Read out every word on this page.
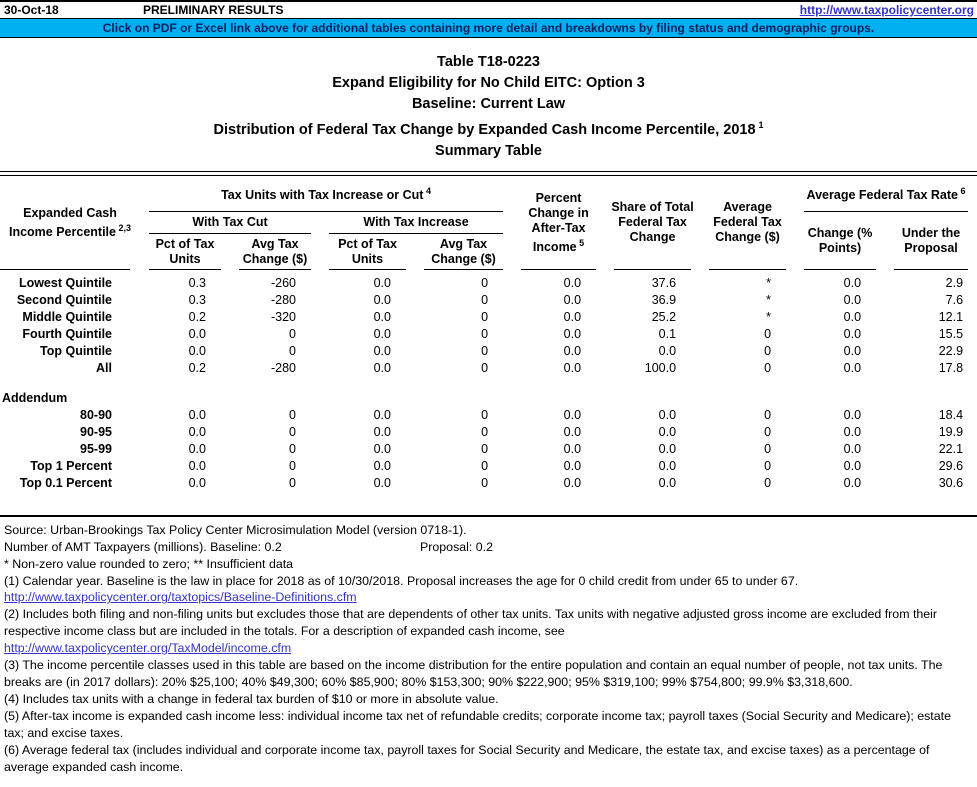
30-Oct-18	PRELIMINARY RESULTS	http://www.taxpolicycenter.org
Click on PDF or Excel link above for additional tables containing more detail and breakdowns by filing status and demographic groups.
Table T18-0223
Expand Eligibility for No Child EITC: Option 3
Baseline: Current Law
Distribution of Federal Tax Change by Expanded Cash Income Percentile, 2018  $^1$
Summary Table
Expanded Cash Income Percentile  $^{2,3}$	Tax Units with Tax Increase or Cut  $^4$				Percent Change in After-Tax Income  $^5$	Share of Total Federal Tax Change	Average Federal Tax Change ($)	Average Federal Tax Rate  $^6$
	With Tax Cut		With Tax Increase					Change (% Points)	Under the Proposal
	Pct of Tax Units	Avg Tax Change ($)	Pct of Tax Units	Avg Tax Change ($)					
Lowest Quintile	0.3	-260	0.0	0	0.0	37.6	*	0.0	2.9
Second Quintile	0.3	-280	0.0	0	0.0	36.9	*	0.0	7.6
Middle Quintile	0.2	-320	0.0	0	0.0	25.2	*	0.0	12.1
Fourth Quintile	0.0	0	0.0	0	0.0	0.1	0	0.0	15.5
Top Quintile	0.0	0	0.0	0	0.0	0.0	0	0.0	22.9
All	0.2	-280	0.0	0	0.0	100.0	0	0.0	17.8

Addendum									
80-90	0.0	0	0.0	0	0.0	0.0	0	0.0	18.4
90-95	0.0	0	0.0	0	0.0	0.0	0	0.0	19.9
95-99	0.0	0	0.0	0	0.0	0.0	0	0.0	22.1
Top 1 Percent	0.0	0	0.0	0	0.0	0.0	0	0.0	29.6
Top 0.1 Percent	0.0	0	0.0	0	0.0	0.0	0	0.0	30.6
Source: Urban-Brookings Tax Policy Center Microsimulation Model (version 0718-1).
Number of AMT Taxpayers (millions). Baseline: 0.2	Proposal: 0.2
* Non-zero value rounded to zero; ** Insufficient data
(1) Calendar year. Baseline is the law in place for 2018 as of 10/30/2018. Proposal increases the age for 0 child credit from under 65 to under 67.
http://www.taxpolicycenter.org/taxtopics/Baseline-Definitions.cfm
(2) Includes both filing and non-filing units but excludes those that are dependents of other tax units. Tax units with negative adjusted gross income are excluded from their respective income class but are included in the totals. For a description of expanded cash income, see
http://www.taxpolicycenter.org/TaxModel/income.cfm
(3) The income percentile classes used in this table are based on the income distribution for the entire population and contain an equal number of people, not tax units. The breaks are (in 2017 dollars): 20% $25,100; 40% $49,300; 60% $85,900; 80% $153,300; 90% $222,900; 95% $319,100; 99% $754,800; 99.9% $3,318,600.
(4) Includes tax units with a change in federal tax burden of $10 or more in absolute value.
(5) After-tax income is expanded cash income less: individual income tax net of refundable credits; corporate income tax; payroll taxes (Social Security and Medicare); estate tax; and excise taxes.
(6) Average federal tax (includes individual and corporate income tax, payroll taxes for Social Security and Medicare, the estate tax, and excise taxes) as a percentage of average expanded cash income.
